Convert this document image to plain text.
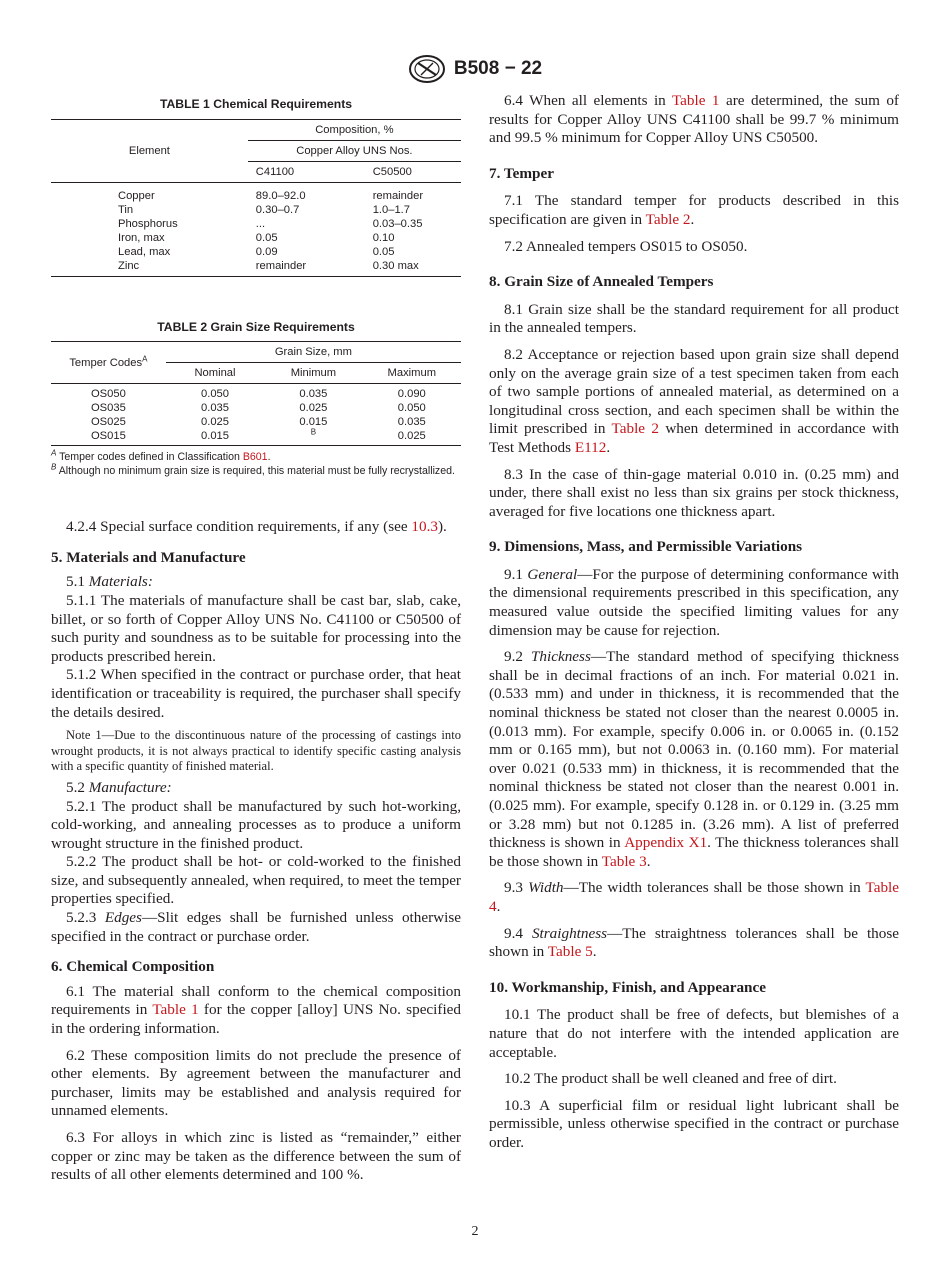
B508 − 22
TABLE 1 Chemical Requirements
Element	Composition, %	
	Copper Alloy UNS Nos.	
	C41100	C50500

Copper	89.0–92.0	remainder
Tin	0.30–0.7	1.0–1.7
Phosphorus	...	0.03–0.35
Iron, max	0.05	0.10
Lead, max	0.09	0.05
Zinc	remainder	0.30 max
TABLE 2 Grain Size Requirements
Temper Codes$^A$	Grain Size, mm		
	Nominal	Minimum	Maximum

OS050	0.050	0.035	0.090
OS035	0.035	0.025	0.050
OS025	0.025	0.015	0.035
OS015	0.015	$^B$	0.025

$^A$ Temper codes defined in Classification B601.

$^B$ Although no minimum grain size is required, this material must be fully recrystallized.

4.2.4 Special surface condition requirements, if any (see 10.3).

5. Materials and Manufacture

5.1 Materials:

5.1.1 The materials of manufacture shall be cast bar, slab, cake, billet, or so forth of Copper Alloy UNS No. C41100 or C50500 of such purity and soundness as to be suitable for processing into the products prescribed herein.

5.1.2 When specified in the contract or purchase order, that heat identification or traceability is required, the purchaser shall specify the details desired.

Note 1—Due to the discontinuous nature of the processing of castings into wrought products, it is not always practical to identify specific casting analysis with a specific quantity of finished material.

5.2 Manufacture:

5.2.1 The product shall be manufactured by such hot-working, cold-working, and annealing processes as to produce a uniform wrought structure in the finished product.

5.2.2 The product shall be hot- or cold-worked to the finished size, and subsequently annealed, when required, to meet the temper properties specified.

5.2.3 Edges—Slit edges shall be furnished unless otherwise specified in the contract or purchase order.

6. Chemical Composition

6.1 The material shall conform to the chemical composition requirements in Table 1 for the copper [alloy] UNS No. specified in the ordering information.

6.2 These composition limits do not preclude the presence of other elements. By agreement between the manufacturer and purchaser, limits may be established and analysis required for unnamed elements.

6.3 For alloys in which zinc is listed as “remainder,” either copper or zinc may be taken as the difference between the sum of results of all other elements determined and 100 %.

6.4 When all elements in Table 1 are determined, the sum of results for Copper Alloy UNS C41100 shall be 99.7 % minimum and 99.5 % minimum for Copper Alloy UNS C50500.

7. Temper

7.1 The standard temper for products described in this specification are given in Table 2.

7.2 Annealed tempers OS015 to OS050.

8. Grain Size of Annealed Tempers

8.1 Grain size shall be the standard requirement for all product in the annealed tempers.

8.2 Acceptance or rejection based upon grain size shall depend only on the average grain size of a test specimen taken from each of two sample portions of annealed material, as determined on a longitudinal cross section, and each specimen shall be within the limit prescribed in Table 2 when determined in accordance with Test Methods E112.

8.3 In the case of thin-gage material 0.010 in. (0.25 mm) and under, there shall exist no less than six grains per stock thickness, averaged for five locations one thickness apart.

9. Dimensions, Mass, and Permissible Variations

9.1 General—For the purpose of determining conformance with the dimensional requirements prescribed in this specification, any measured value outside the specified limiting values for any dimension may be cause for rejection.

9.2 Thickness—The standard method of specifying thickness shall be in decimal fractions of an inch. For material 0.021 in. (0.533 mm) and under in thickness, it is recommended that the nominal thickness be stated not closer than the nearest 0.0005 in. (0.013 mm). For example, specify 0.006 in. or 0.0065 in. (0.152 mm or 0.165 mm), but not 0.0063 in. (0.160 mm). For material over 0.021 (0.533 mm) in thickness, it is recommended that the nominal thickness be stated not closer than the nearest 0.001 in. (0.025 mm). For example, specify 0.128 in. or 0.129 in. (3.25 mm or 3.28 mm) but not 0.1285 in. (3.26 mm). A list of preferred thickness is shown in Appendix X1. The thickness tolerances shall be those shown in Table 3.

9.3 Width—The width tolerances shall be those shown in Table 4.

9.4 Straightness—The straightness tolerances shall be those shown in Table 5.

10. Workmanship, Finish, and Appearance

10.1 The product shall be free of defects, but blemishes of a nature that do not interfere with the intended application are acceptable.

10.2 The product shall be well cleaned and free of dirt.

10.3 A superficial film or residual light lubricant shall be permissible, unless otherwise specified in the contract or purchase order.

2
